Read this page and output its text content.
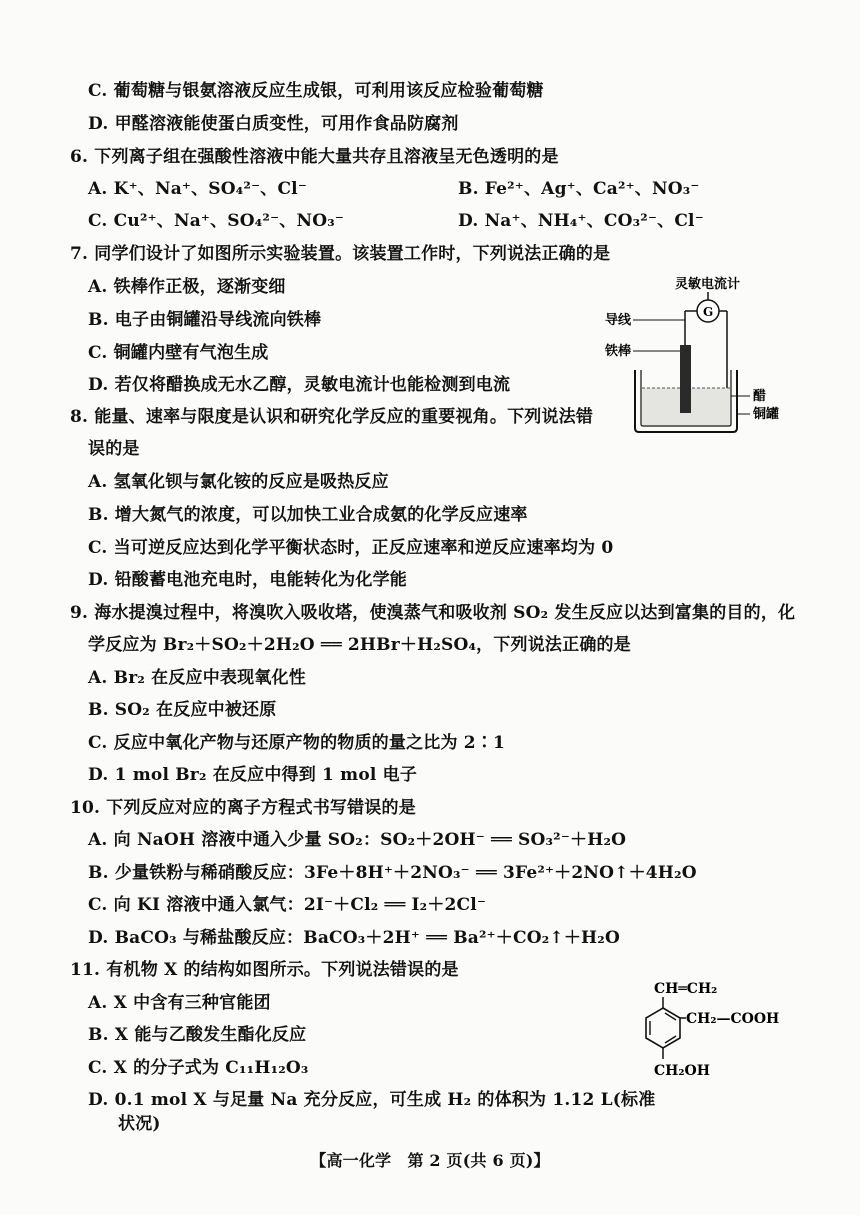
C. 葡萄糖与银氨溶液反应生成银，可利用该反应检验葡萄糖
D. 甲醛溶液能使蛋白质变性，可用作食品防腐剂
6. 下列离子组在强酸性溶液中能大量共存且溶液呈无色透明的是
A. K⁺、Na⁺、SO₄²⁻、Cl⁻	B. Fe²⁺、Ag⁺、Ca²⁺、NO₃⁻
C. Cu²⁺、Na⁺、SO₄²⁻、NO₃⁻	D. Na⁺、NH₄⁺、CO₃²⁻、Cl⁻
7. 同学们设计了如图所示实验装置。该装置工作时，下列说法正确的是
A. 铁棒作正极，逐渐变细
B. 电子由铜罐沿导线流向铁棒
C. 铜罐内壁有气泡生成
D. 若仅将醋换成无水乙醇，灵敏电流计也能检测到电流
灵敏电流计
G
导线
铁棒
醋
铜罐
8. 能量、速率与限度是认识和研究化学反应的重要视角。下列说法错
误的是
A. 氢氧化钡与氯化铵的反应是吸热反应
B. 增大氮气的浓度，可以加快工业合成氨的化学反应速率
C. 当可逆反应达到化学平衡状态时，正反应速率和逆反应速率均为 0
D. 铅酸蓄电池充电时，电能转化为化学能
9. 海水提溴过程中，将溴吹入吸收塔，使溴蒸气和吸收剂 SO₂ 发生反应以达到富集的目的，化
学反应为 Br₂＋SO₂＋2H₂O ══ 2HBr＋H₂SO₄，下列说法正确的是
A. Br₂ 在反应中表现氧化性
B. SO₂ 在反应中被还原
C. 反应中氧化产物与还原产物的物质的量之比为 2∶1
D. 1 mol Br₂ 在反应中得到 1 mol 电子
10. 下列反应对应的离子方程式书写错误的是
A. 向 NaOH 溶液中通入少量 SO₂：SO₂＋2OH⁻ ══ SO₃²⁻＋H₂O
B. 少量铁粉与稀硝酸反应：3Fe＋8H⁺＋2NO₃⁻ ══ 3Fe²⁺＋2NO↑＋4H₂O
C. 向 KI 溶液中通入氯气：2I⁻＋Cl₂ ══ I₂＋2Cl⁻
D. BaCO₃ 与稀盐酸反应：BaCO₃＋2H⁺ ══ Ba²⁺＋CO₂↑＋H₂O
11. 有机物 X 的结构如图所示。下列说法错误的是
A. X 中含有三种官能团
B. X 能与乙酸发生酯化反应
C. X 的分子式为 C₁₁H₁₂O₃
D. 0.1 mol X 与足量 Na 充分反应，可生成 H₂ 的体积为 1.12 L(标准
状况)
CH═CH₂
CH₂—COOH
CH₂OH
【高一化学　第 2 页(共 6 页)】
